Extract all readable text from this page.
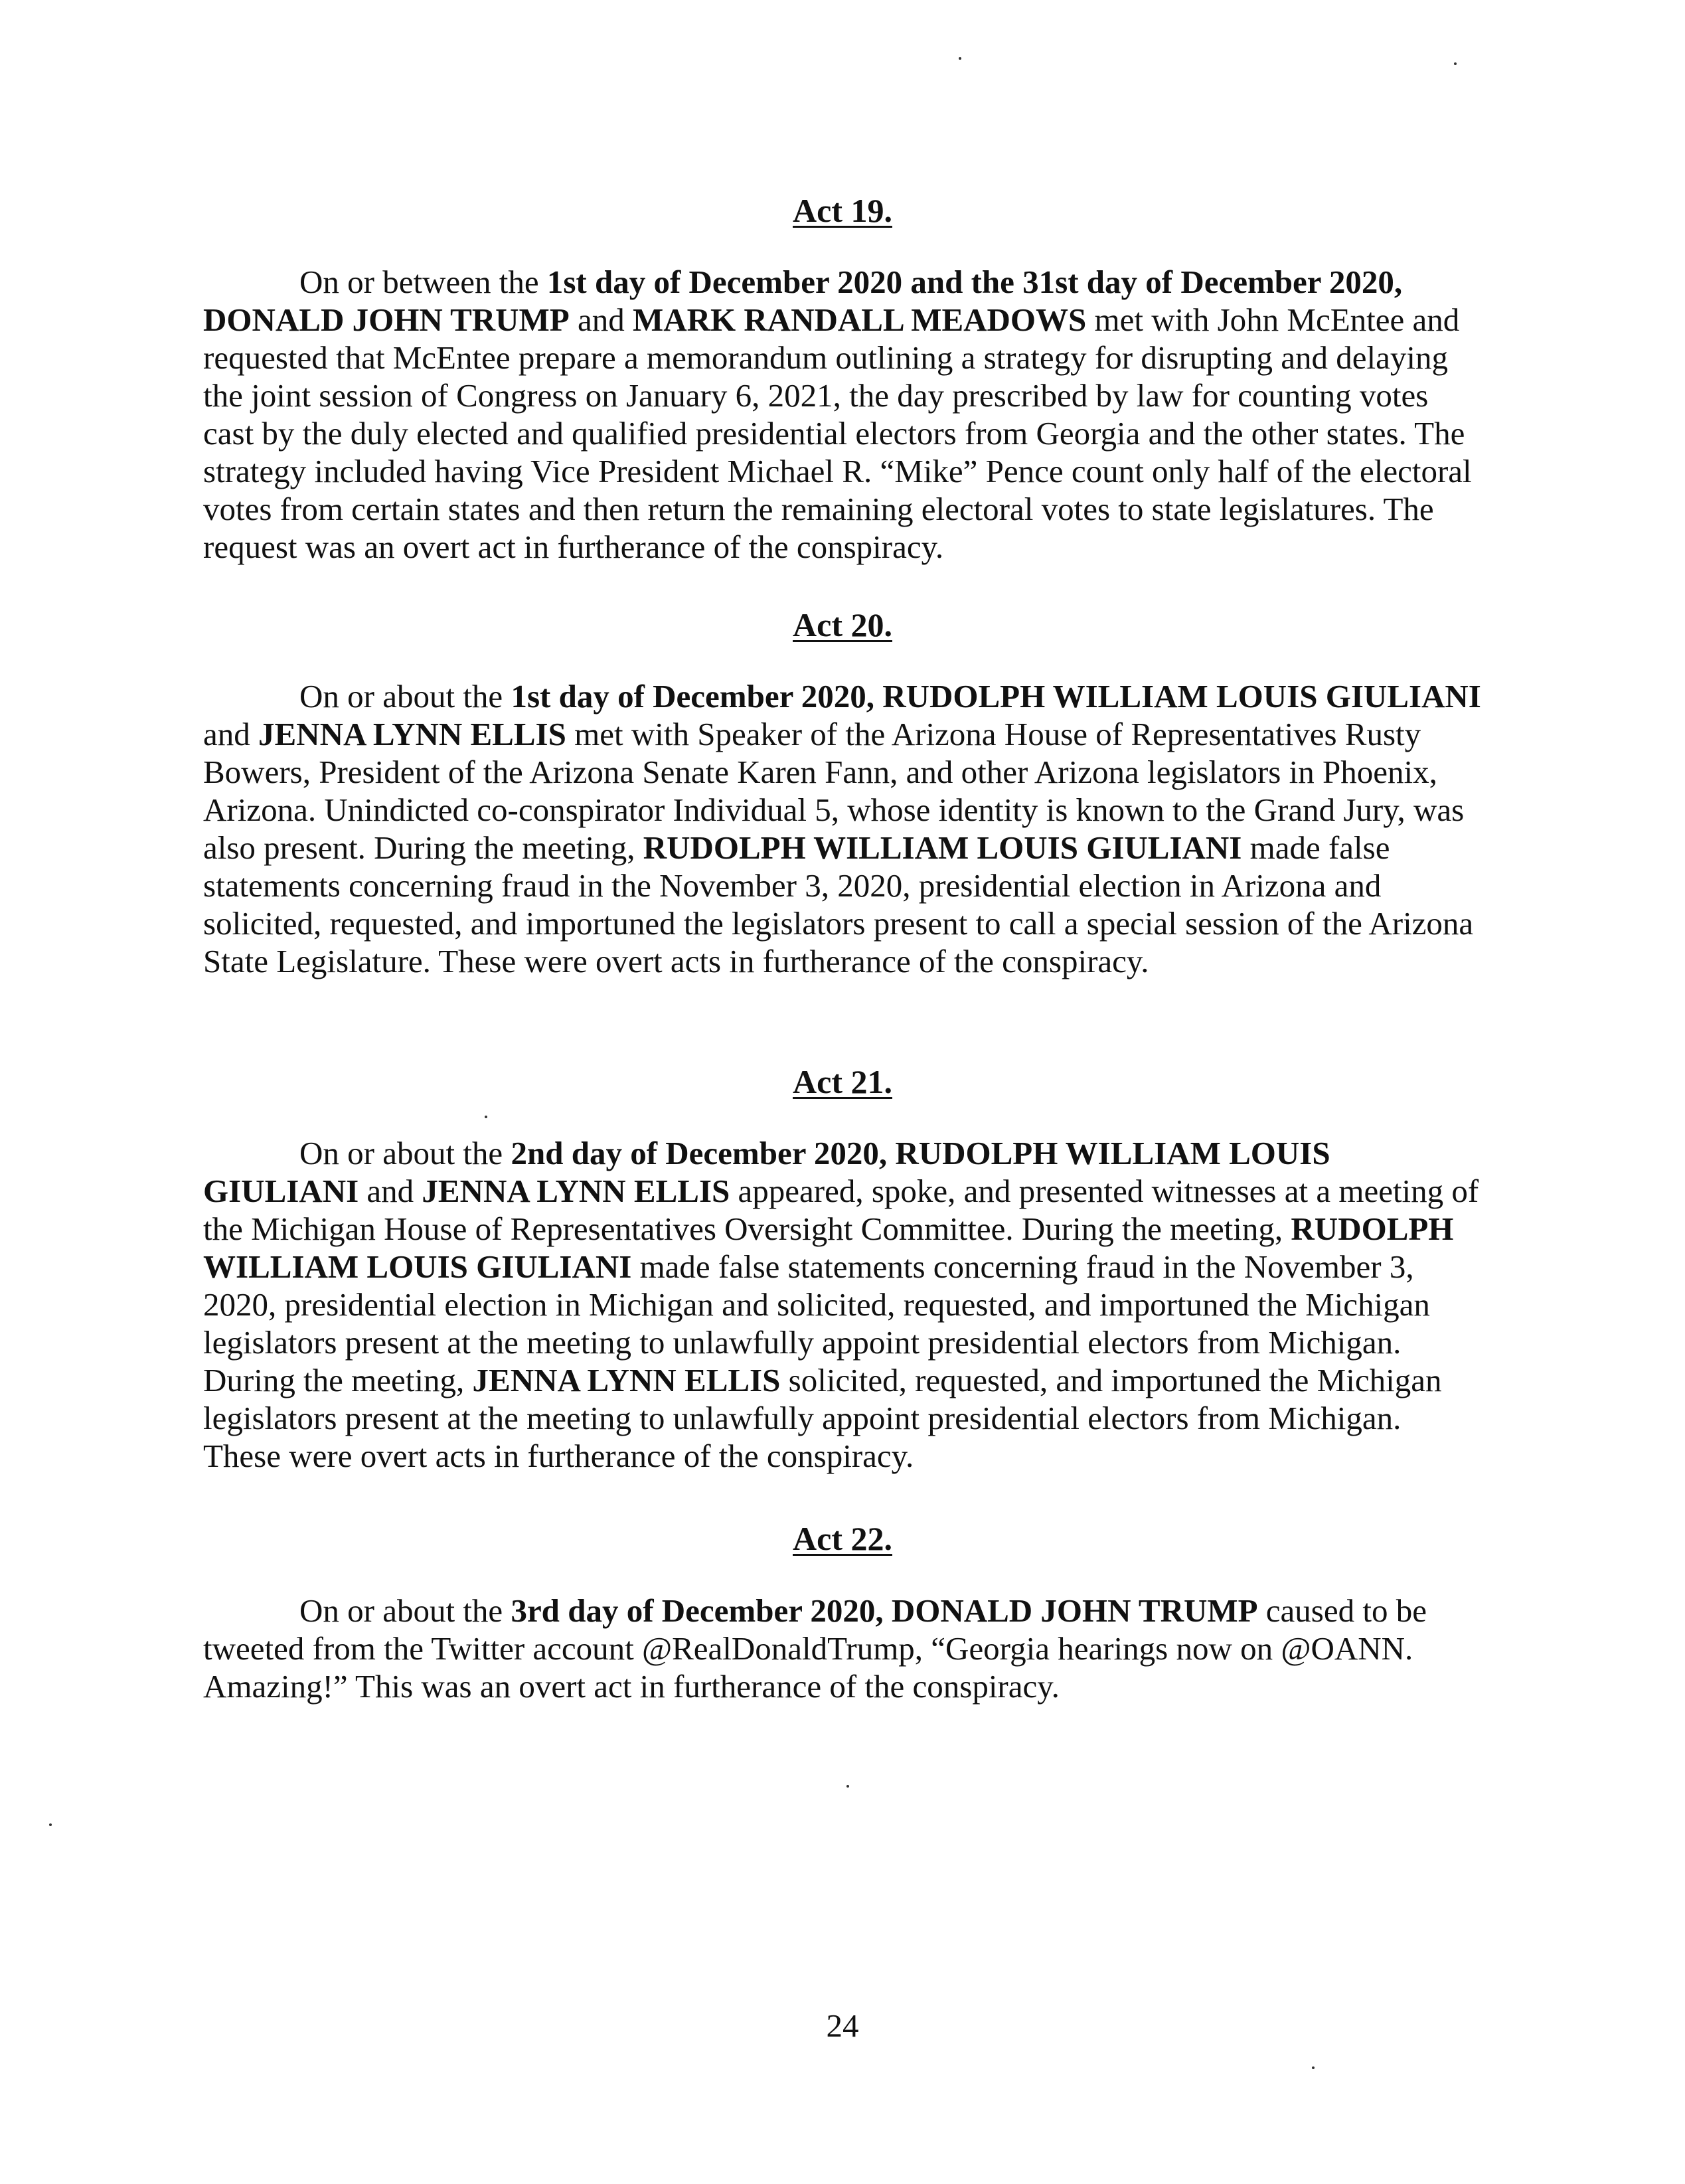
Act 19.

On or between the 1st day of December 2020 and the 31st day of December 2020, DONALD JOHN TRUMP and MARK RANDALL MEADOWS met with John McEntee and requested that McEntee prepare a memorandum outlining a strategy for disrupting and delaying the joint session of Congress on January 6, 2021, the day prescribed by law for counting votes cast by the duly elected and qualified presidential electors from Georgia and the other states. The strategy included having Vice President Michael R. “Mike” Pence count only half of the electoral votes from certain states and then return the remaining electoral votes to state legislatures. The request was an overt act in furtherance of the conspiracy.

Act 20.

On or about the 1st day of December 2020, RUDOLPH WILLIAM LOUIS GIULIANI and JENNA LYNN ELLIS met with Speaker of the Arizona House of Representatives Rusty Bowers, President of the Arizona Senate Karen Fann, and other Arizona legislators in Phoenix, Arizona. Unindicted co-conspirator Individual 5, whose identity is known to the Grand Jury, was also present. During the meeting, RUDOLPH WILLIAM LOUIS GIULIANI made false statements concerning fraud in the November 3, 2020, presidential election in Arizona and solicited, requested, and importuned the legislators present to call a special session of the Arizona State Legislature. These were overt acts in furtherance of the conspiracy.

Act 21.

On or about the 2nd day of December 2020, RUDOLPH WILLIAM LOUIS GIULIANI and JENNA LYNN ELLIS appeared, spoke, and presented witnesses at a meeting of the Michigan House of Representatives Oversight Committee. During the meeting, RUDOLPH WILLIAM LOUIS GIULIANI made false statements concerning fraud in the November 3, 2020, presidential election in Michigan and solicited, requested, and importuned the Michigan legislators present at the meeting to unlawfully appoint presidential electors from Michigan. During the meeting, JENNA LYNN ELLIS solicited, requested, and importuned the Michigan legislators present at the meeting to unlawfully appoint presidential electors from Michigan. These were overt acts in furtherance of the conspiracy.

Act 22.

On or about the 3rd day of December 2020, DONALD JOHN TRUMP caused to be tweeted from the Twitter account @RealDonaldTrump, “Georgia hearings now on @OANN. Amazing!” This was an overt act in furtherance of the conspiracy.

24
